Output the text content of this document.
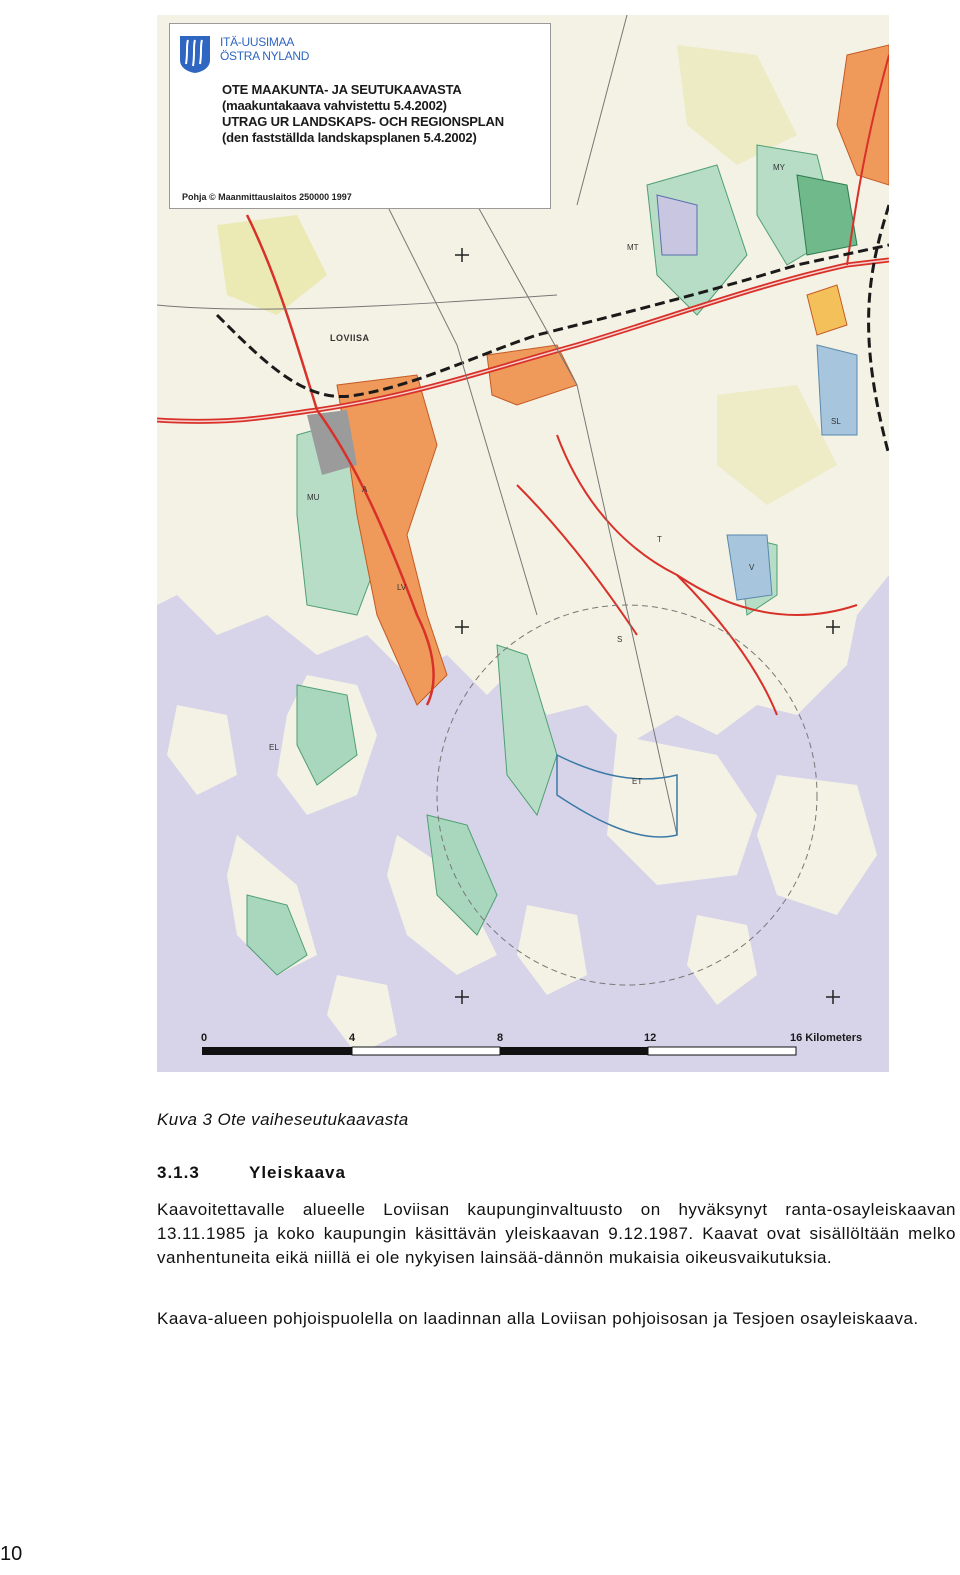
ITÄ-UUSIMAA
ÖSTRA NYLAND
OTE MAAKUNTA- JA SEUTUKAAVASTA
(maakuntakaava vahvistettu 5.4.2002)
UTRAG UR LANDSKAPS- OCH REGIONSPLAN
(den fastställda landskapsplanen 5.4.2002)
Pohja © Maanmittauslaitos 250000 1997
LOVIISA
MU
MY
A
SL
EL
V
LV
MT
S
ET
T
0	4	8	12	16 Kilometers
Kuva 3 Ote vaiheseutukaavasta
3.1.3	Yleiskaava

Kaavoitettavalle alueelle Loviisan kaupunginvaltuusto on hyväksynyt ranta-osayleiskaavan 13.11.1985 ja koko kaupungin käsittävän yleiskaavan 9.12.1987. Kaavat ovat sisällöltään melko vanhentuneita eikä niillä ei ole nykyisen lainsää-dännön mukaisia oikeusvaikutuksia.

Kaava-alueen pohjoispuolella on laadinnan alla Loviisan pohjoisosan ja Tesjoen osayleiskaava.

10
